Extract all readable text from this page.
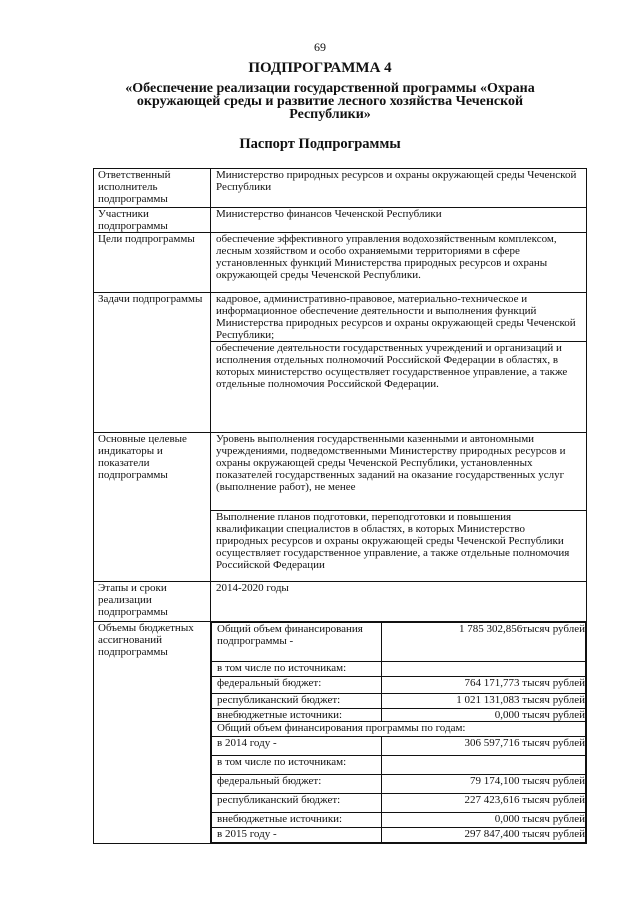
69
ПОДПРОГРАММА 4
«Обеспечение реализации государственной программы «Охрана окружающей среды и развитие лесного хозяйства Чеченской Республики»
Паспорт Подпрограммы
Ответственный исполнитель подпрограммы	Министерство природных ресурсов и охраны окружающей среды Чеченской Республики
Участники подпрограммы	Министерство финансов Чеченской Республики
Цели подпрограммы	обеспечение эффективного управления водохозяйственным комплексом, лесным хозяйством и особо охраняемыми территориями в сфере установленных функций Министерства природных ресурсов и охраны окружающей среды Чеченской Республики.
Задачи подпрограммы	кадровое, административно-правовое, материально-техническое и информационное обеспечение деятельности и выполнения функций Министерства природных ресурсов и охраны окружающей среды Чеченской Республики;
обеспечение деятельности государственных учреждений и организаций и исполнения отдельных полномочий Российской Федерации в областях, в которых министерство осуществляет государственное управление, а также отдельные полномочия Российской Федерации.
Основные целевые индикаторы и показатели подпрограммы	Уровень выполнения государственными казенными и автономными учреждениями, подведомственными Министерству природных ресурсов и охраны окружающей среды Чеченской Республики, установленных показателей государственных заданий на оказание государственных услуг (выполнение работ), не менее
Выполнение планов подготовки, переподготовки и повышения квалификации специалистов в областях, в которых Министерство природных ресурсов и охраны окружающей среды Чеченской Республики осуществляет государственное управление, а также отдельные полномочия Российской Федерации
Этапы и сроки реализации подпрограммы	2014-2020 годы
Объемы бюджетных ассигнований подпрограммы	
Общий объем финансирования подпрограммы -	1 785 302,856тысяч рублей
в том числе по источникам:	
федеральный бюджет:	764 171,773 тысяч рублей
республиканский бюджет:	1 021 131,083 тысяч рублей
внебюджетные источники:	0,000 тысяч рублей
Общий объем финансирования программы по годам:
в 2014 году -	306 597,716 тысяч рублей
в том числе по источникам:	
федеральный бюджет:	79 174,100 тысяч рублей
республиканский бюджет:	227 423,616 тысяч рублей
внебюджетные источники:	0,000 тысяч рублей
в 2015 году -	297 847,400 тысяч рублей
